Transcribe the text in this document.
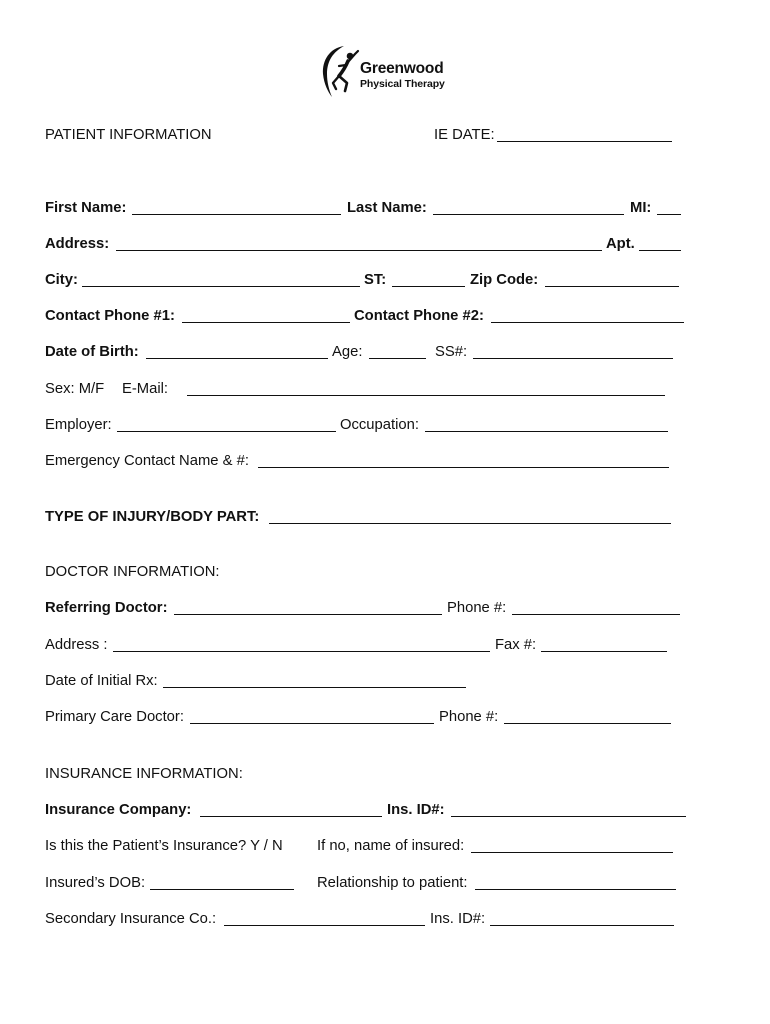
Greenwood
Physical Therapy
PATIENT INFORMATION	IE DATE:
First Name:	Last Name:	MI:
Address:	Apt.
City:	ST:	Zip Code:
Contact Phone #1:	Contact Phone #2:
Date of Birth:	Age:	SS#:
Sex: M/F E-Mail:
Employer:	Occupation:
Emergency Contact Name & #:
TYPE OF INJURY/BODY PART:
DOCTOR INFORMATION:
Referring Doctor:	Phone #:
Address :	Fax #:
Date of Initial Rx:
Primary Care Doctor:	Phone #:
INSURANCE INFORMATION:
Insurance Company:	Ins. ID#:
Is this the Patient’s Insurance? Y / N If no, name of insured:
Insured’s DOB:	Relationship to patient:
Secondary Insurance Co.:	Ins. ID#:
